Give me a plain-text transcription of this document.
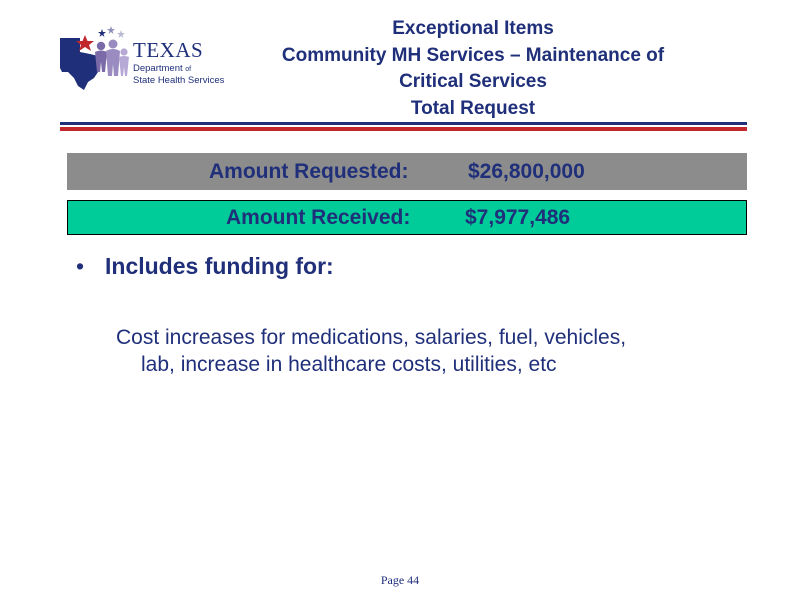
TEXAS
Department of
State Health Services
Exceptional Items
Community MH Services – Maintenance of
Critical Services
Total Request
Amount Requested:	$26,800,000
Amount Received:	$7,977,486
• Includes funding for:
Cost increases for medications, salaries, fuel, vehicles,
lab, increase in healthcare costs, utilities, etc
Page 44
